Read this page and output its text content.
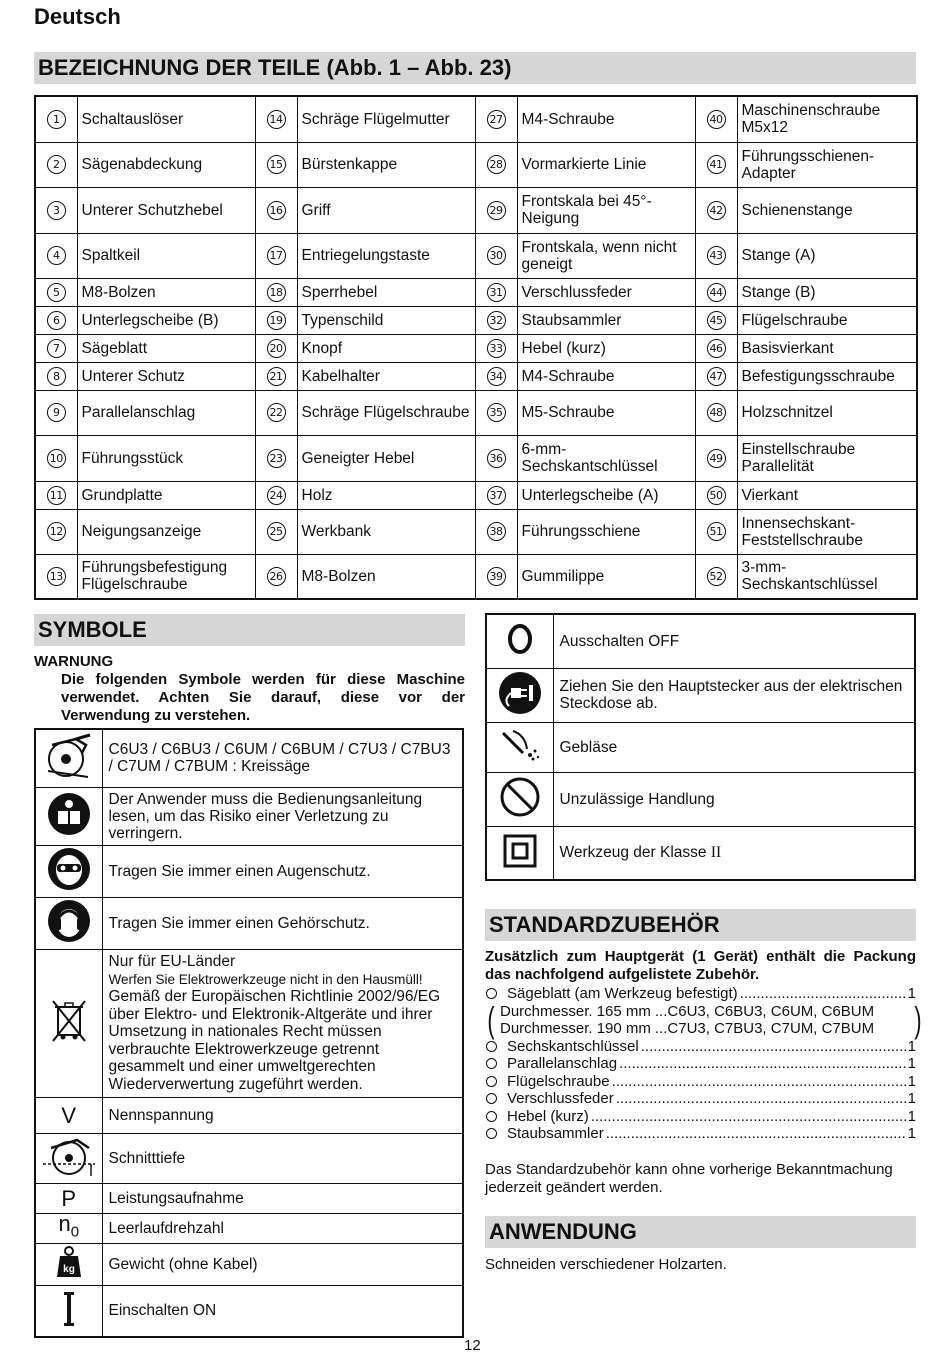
Deutsch
BEZEICHNUNG DER TEILE (Abb. 1 – Abb. 23)
1	Schaltauslöser	14	Schräge Flügelmutter	27	M4-Schraube	40	Maschinenschraube M5x12
2	Sägenabdeckung	15	Bürstenkappe	28	Vormarkierte Linie	41	Führungsschienen-Adapter
3	Unterer Schutzhebel	16	Griff	29	Frontskala bei 45°-Neigung	42	Schienenstange
4	Spaltkeil	17	Entriegelungstaste	30	Frontskala, wenn nicht geneigt	43	Stange (A)
5	M8-Bolzen	18	Sperrhebel	31	Verschlussfeder	44	Stange (B)
6	Unterlegscheibe (B)	19	Typenschild	32	Staubsammler	45	Flügelschraube
7	Sägeblatt	20	Knopf	33	Hebel (kurz)	46	Basisvierkant
8	Unterer Schutz	21	Kabelhalter	34	M4-Schraube	47	Befestigungsschraube
9	Parallelanschlag	22	Schräge Flügelschraube	35	M5-Schraube	48	Holzschnitzel
10	Führungsstück	23	Geneigter Hebel	36	6-mm-Sechskantschlüssel	49	Einstellschraube Parallelität
11	Grundplatte	24	Holz	37	Unterlegscheibe (A)	50	Vierkant
12	Neigungsanzeige	25	Werkbank	38	Führungsschiene	51	Innensechskant-Feststellschraube
13	Führungsbefestigung Flügelschraube	26	M8-Bolzen	39	Gummilippe	52	3-mm-Sechskantschlüssel
SYMBOLE
WARNUNG
Die folgenden Symbole werden für diese Maschine verwendet. Achten Sie darauf, diese vor der Verwendung zu verstehen.
	C6U3 / C6BU3 / C6UM / C6BUM / C7U3 / C7BU3 / C7UM / C7BUM : Kreissäge
	Der Anwender muss die Bedienungsanleitung lesen, um das Risiko einer Verletzung zu verringern.
	Tragen Sie immer einen Augenschutz.
	Tragen Sie immer einen Gehörschutz.

Nur für EU-Länder
Werfen Sie Elektrowerkzeuge nicht in den Hausmüll!
Gemäß der Europäischen Richtlinie 2002/96/EG über Elektro- und Elektronik-Altgeräte und ihrer Umsetzung in nationales Recht müssen verbrauchte Elektrowerkzeuge getrennt gesammelt und einer umweltgerechten Wiederverwertung zugeführt werden.

V	Nennspannung
	Schnitttiefe
P	Leistungsaufnahme
$n_0$	Leerlaufdrehzahl

kg	Gewicht (ohne Kabel)
	Einschalten ON
	Ausschalten OFF
	Ziehen Sie den Hauptstecker aus der elektrischen Steckdose ab.
	Gebläse
	Unzulässige Handlung
	Werkzeug der Klasse II
STANDARDZUBEHÖR
Zusätzlich zum Hauptgerät (1 Gerät) enthält die Packung das nachfolgend aufgelistete Zubehör.
Sägeblatt (am Werkzeug befestigt) .....	1
( Durchmesser. 165 mm ...C6U3, C6BU3, C6UM, C6BUM
Durchmesser. 190 mm ...C7U3, C7BU3, C7UM, C7BUM )
Sechskantschlüssel .....	1
Parallelanschlag .....	1
Flügelschraube .....	1
Verschlussfeder .....	1
Hebel (kurz) .....	1
Staubsammler .....	1
Das Standardzubehör kann ohne vorherige Bekanntmachung jederzeit geändert werden.
ANWENDUNG
Schneiden verschiedener Holzarten.
12
